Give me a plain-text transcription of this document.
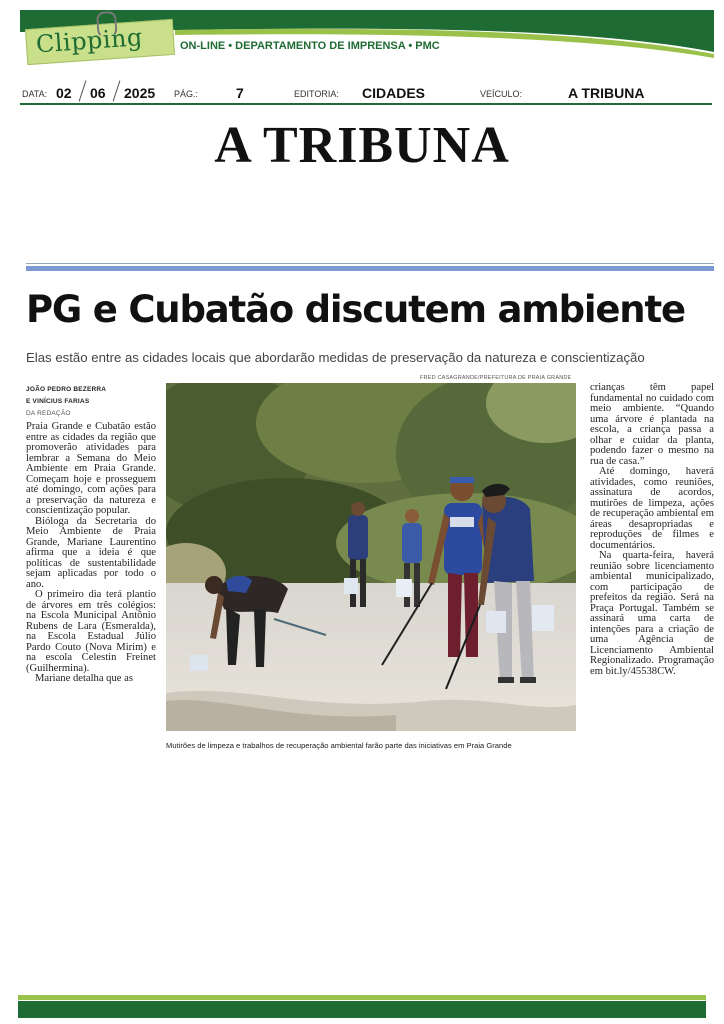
Clipping	ON-LINE • DEPARTAMENTO DE IMPRENSA • PMC
DATA: 02 06 2025 PÁG.:	7	EDITORIA: CIDADES	VEÍCULO:	A TRIBUNA
A TRIBUNA
PG e Cubatão discutem ambiente
Elas estão entre as cidades locais que abordarão medidas de preservação da natureza e conscientização
JOÃO PEDRO BEZERRA
E VINÍCIUS FARIAS
DA REDAÇÃO

Praia Grande e Cubatão estão entre as cidades da região que promoverão atividades para lembrar a Semana do Meio Ambiente em Praia Grande. Começam hoje e prosseguem até domingo, com ações para a preservação da natureza e conscientização popular.

Bióloga da Secretaria do Meio Ambiente de Praia Grande, Mariane Laurentino afirma que a ideia é que políticas de sustentabilidade sejam aplicadas por todo o ano.

O primeiro dia terá plantio de árvores em três colégios: na Escola Municipal Antônio Rubens de Lara (Esmeralda), na Escola Estadual Júlio Pardo Couto (Nova Mirim) e na escola Celestin Freinet (Guilhermina).

Mariane detalha que as

FRED CASAGRANDE/PREFEITURA DE PRAIA GRANDE
Mutirões de limpeza e trabalhos de recuperação ambiental farão parte das iniciativas em Praia Grande

crianças têm papel fundamental no cuidado com meio ambiente. “Quando uma árvore é plantada na escola, a criança passa a olhar e cuidar da planta, podendo fazer o mesmo na rua de casa.”

Até domingo, haverá atividades, como reuniões, assinatura de acordos, mutirões de limpeza, ações de recuperação ambiental em áreas desapropriadas e reproduções de filmes e documentários.

Na quarta-feira, haverá reunião sobre licenciamento ambiental municipalizado, com participação de prefeitos da região. Será na Praça Portugal. Também se assinará uma carta de intenções para a criação de uma Agência de Licenciamento Ambiental Regionalizado. Programação em bit.ly/45538CW.
